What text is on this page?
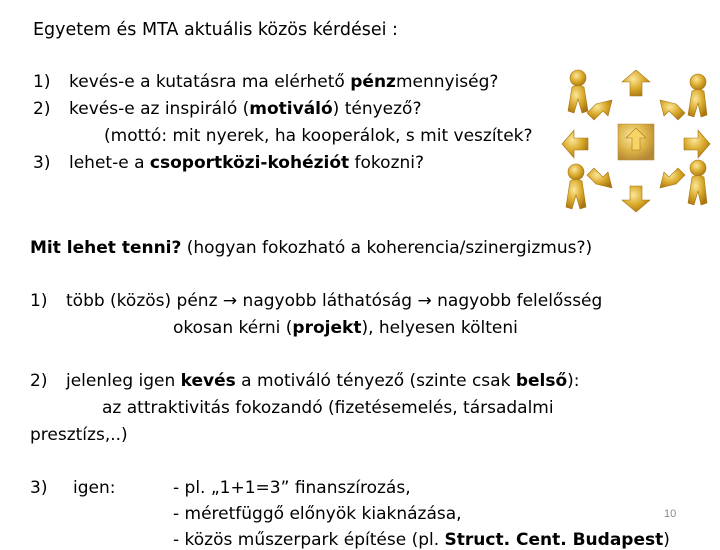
Egyetem és MTA aktuális közös kérdései :
1) kevés-e a kutatásra ma elérhető pénzmennyiség?
2) kevés-e az inspiráló (motiváló) tényező?
(mottó: mit nyerek, ha kooperálok, s mit veszítek?
3) lehet-e a csoportközi-kohéziót fokozni?
Mit lehet tenni? (hogyan fokozható a koherencia/szinergizmus?)
1) több (közös) pénz → nagyobb láthatóság → nagyobb felelősség
okosan kérni (projekt), helyesen költeni
2) jelenleg igen kevés a motiváló tényező (szinte csak belső):
az attraktivitás fokozandó (fizetésemelés, társadalmi
presztízs,..)
3) igen:	- pl. „1+1=3” finanszírozás,
- méretfüggő előnyök kiaknázása,
- közös műszerpark építése (pl. Struct. Cent. Budapest)
10
